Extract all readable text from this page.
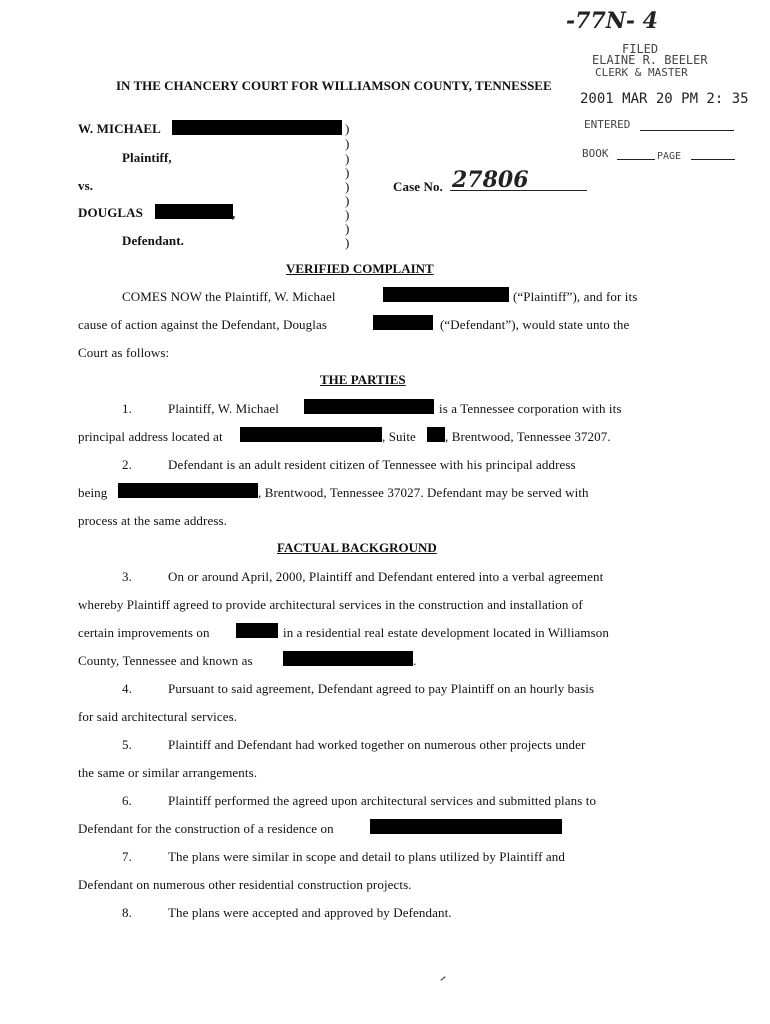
-77N- 4
FILED
ELAINE R. BEELER
CLERK & MASTER
2001 MAR 20 PM 2: 35
ENTERED
BOOK	PAGE
IN THE CHANCERY COURT FOR WILLIAMSON COUNTY, TENNESSEE
W. MICHAEL
Plaintiff,
vs.
DOUGLAS	,
Defendant.
)
)
)
)
)
)
)
)
)
Case No. 27806
VERIFIED COMPLAINT
COMES NOW the Plaintiff, W. Michael	(“Plaintiff”), and for its
cause of action against the Defendant, Douglas	(“Defendant”), would state unto the
Court as follows:
THE PARTIES
1.	Plaintiff, W. Michael	is a Tennessee corporation with its
principal address located at	, Suite , Brentwood, Tennessee 37207.
2.	Defendant is an adult resident citizen of Tennessee with his principal address
being	, Brentwood, Tennessee 37027. Defendant may be served with
process at the same address.
FACTUAL BACKGROUND
3.	On or around April, 2000, Plaintiff and Defendant entered into a verbal agreement
whereby Plaintiff agreed to provide architectural services in the construction and installation of
certain improvements on	in a residential real estate development located in Williamson
County, Tennessee and known as	.
4.	Pursuant to said agreement, Defendant agreed to pay Plaintiff on an hourly basis
for said architectural services.
5.	Plaintiff and Defendant had worked together on numerous other projects under
the same or similar arrangements.
6.	Plaintiff performed the agreed upon architectural services and submitted plans to
Defendant for the construction of a residence on
7.	The plans were similar in scope and detail to plans utilized by Plaintiff and
Defendant on numerous other residential construction projects.
8.	The plans were accepted and approved by Defendant.
